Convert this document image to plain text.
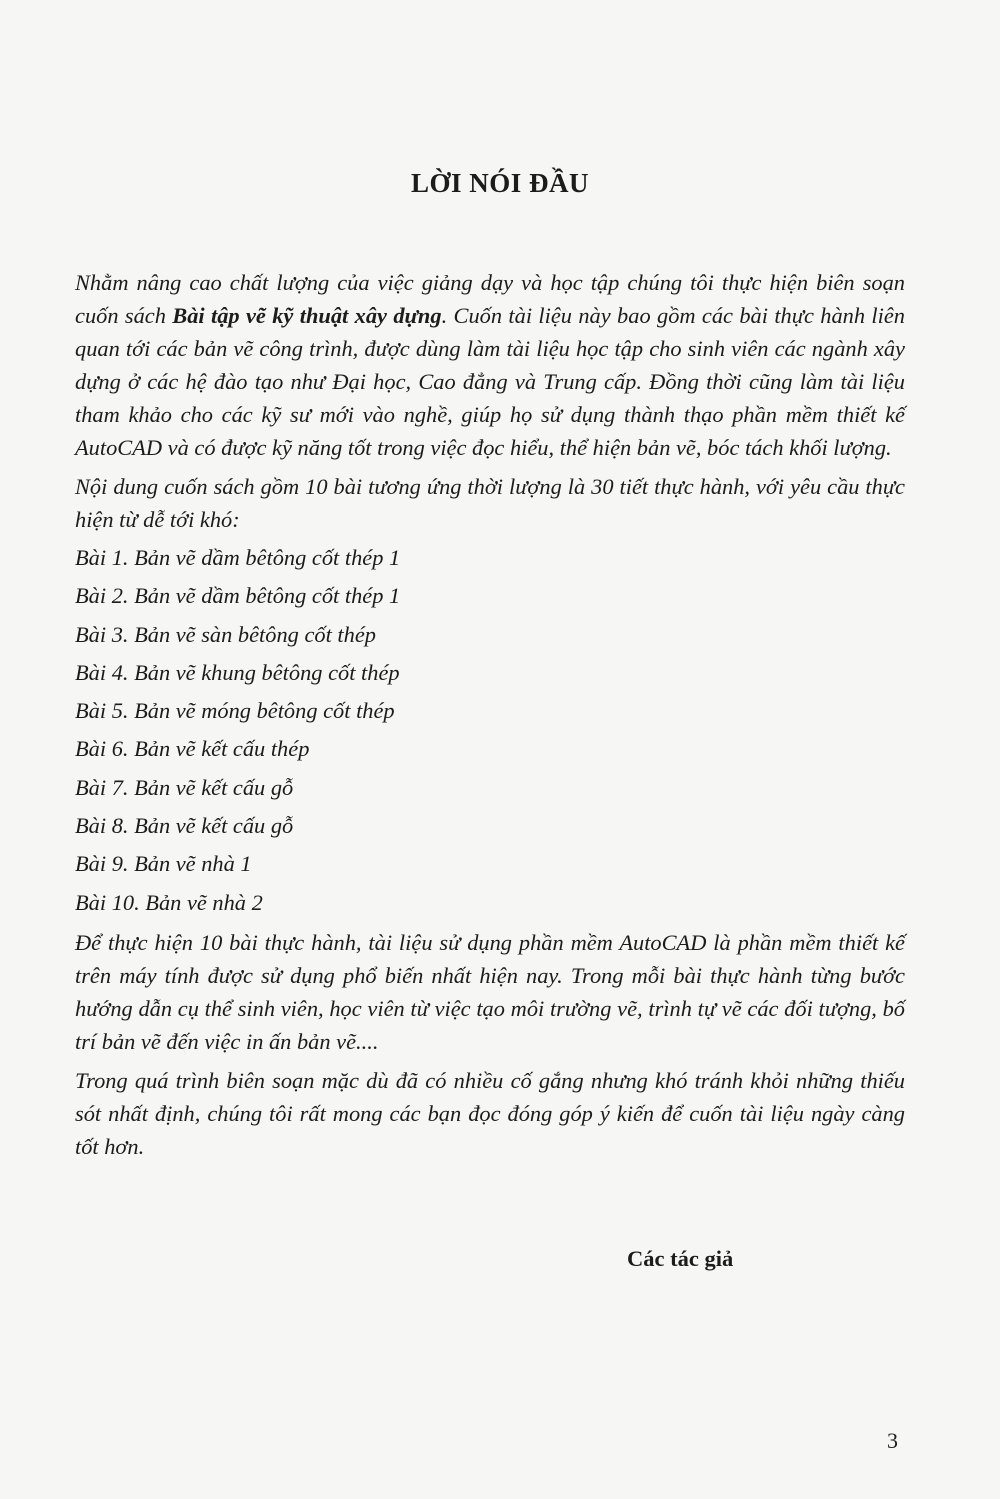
LỜI NÓI ĐẦU

Nhằm nâng cao chất lượng của việc giảng dạy và học tập chúng tôi thực hiện biên soạn cuốn sách Bài tập vẽ kỹ thuật xây dựng. Cuốn tài liệu này bao gồm các bài thực hành liên quan tới các bản vẽ công trình, được dùng làm tài liệu học tập cho sinh viên các ngành xây dựng ở các hệ đào tạo như Đại học, Cao đẳng và Trung cấp. Đồng thời cũng làm tài liệu tham khảo cho các kỹ sư mới vào nghề, giúp họ sử dụng thành thạo phần mềm thiết kế AutoCAD và có được kỹ năng tốt trong việc đọc hiểu, thể hiện bản vẽ, bóc tách khối lượng.

Nội dung cuốn sách gồm 10 bài tương ứng thời lượng là 30 tiết thực hành, với yêu cầu thực hiện từ dễ tới khó:

Bài 1. Bản vẽ dầm bêtông cốt thép 1
Bài 2. Bản vẽ dầm bêtông cốt thép 1
Bài 3. Bản vẽ sàn bêtông cốt thép
Bài 4. Bản vẽ khung bêtông cốt thép
Bài 5. Bản vẽ móng bêtông cốt thép
Bài 6. Bản vẽ kết cấu thép
Bài 7. Bản vẽ kết cấu gỗ
Bài 8. Bản vẽ kết cấu gỗ
Bài 9. Bản vẽ nhà 1
Bài 10. Bản vẽ nhà 2

Để thực hiện 10 bài thực hành, tài liệu sử dụng phần mềm AutoCAD là phần mềm thiết kế trên máy tính được sử dụng phổ biến nhất hiện nay. Trong mỗi bài thực hành từng bước hướng dẫn cụ thể sinh viên, học viên từ việc tạo môi trường vẽ, trình tự vẽ các đối tượng, bố trí bản vẽ đến việc in ấn bản vẽ....

Trong quá trình biên soạn mặc dù đã có nhiều cố gắng nhưng khó tránh khỏi những thiếu sót nhất định, chúng tôi rất mong các bạn đọc đóng góp ý kiến để cuốn tài liệu ngày càng tốt hơn.

Các tác giả
3
